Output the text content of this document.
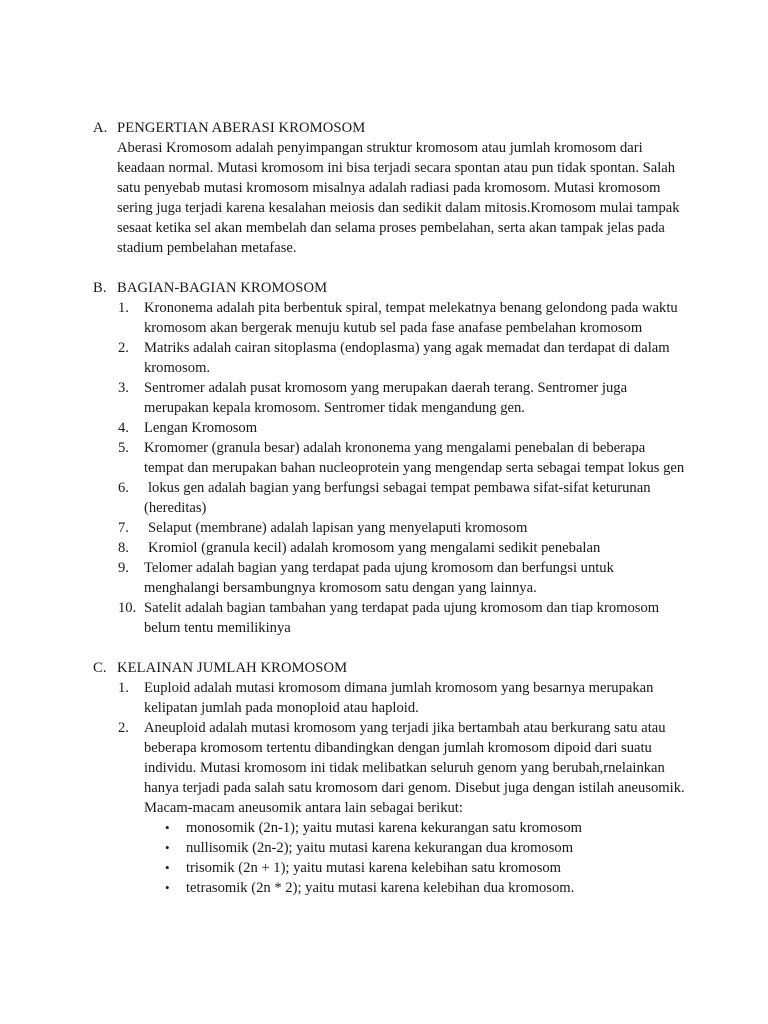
A. PENGERTIAN ABERASI KROMOSOM

Aberasi Kromosom adalah penyimpangan struktur kromosom atau jumlah kromosom dari keadaan normal. Mutasi kromosom ini bisa terjadi secara spontan atau pun tidak spontan. Salah satu penyebab mutasi kromosom misalnya adalah radiasi pada kromosom. Mutasi kromosom sering juga terjadi karena kesalahan meiosis dan sedikit dalam mitosis.Kromosom mulai tampak sesaat ketika sel akan membelah dan selama proses pembelahan, serta akan tampak jelas pada stadium pembelahan metafase.

B. BAGIAN-BAGIAN KROMOSOM
1.	Krononema adalah pita berbentuk spiral, tempat melekatnya benang gelondong pada waktu kromosom akan bergerak menuju kutub sel pada fase anafase pembelahan kromosom
2.	Matriks adalah cairan sitoplasma (endoplasma) yang agak memadat dan terdapat di dalam kromosom.
3.	Sentromer adalah pusat kromosom yang merupakan daerah terang. Sentromer juga merupakan kepala kromosom. Sentromer tidak mengandung gen.
4.	Lengan Kromosom
5.	Kromomer (granula besar) adalah krononema yang mengalami penebalan di beberapa tempat dan merupakan bahan nucleoprotein yang mengendap serta sebagai tempat lokus gen
6.	lokus gen adalah bagian yang berfungsi sebagai tempat pembawa sifat-sifat keturunan (hereditas)
7.	Selaput (membrane) adalah lapisan yang menyelaputi kromosom
8.	Kromiol (granula kecil) adalah kromosom yang mengalami sedikit penebalan
9.	Telomer adalah bagian yang terdapat pada ujung kromosom dan berfungsi untuk menghalangi bersambungnya kromosom satu dengan yang lainnya.
10. Satelit adalah bagian tambahan yang terdapat pada ujung kromosom dan tiap kromosom belum tentu memilikinya
C. KELAINAN JUMLAH KROMOSOM
1.	Euploid adalah mutasi kromosom dimana jumlah kromosom yang besarnya merupakan kelipatan jumlah pada monoploid atau haploid.
2.	Aneuploid adalah mutasi kromosom yang terjadi jika bertambah atau berkurang satu atau beberapa kromosom tertentu dibandingkan dengan jumlah kromosom dipoid dari suatu individu. Mutasi kromosom ini tidak melibatkan seluruh genom yang berubah,rnelainkan hanya terjadi pada salah satu kromosom dari genom. Disebut juga dengan istilah aneusomik.
Macam-macam aneusomik antara lain sebagai berikut:
•	monosomik (2n-1); yaitu mutasi karena kekurangan satu kromosom
•	nullisomik (2n-2); yaitu mutasi karena kekurangan dua kromosom
•	trisomik (2n + 1); yaitu mutasi karena kelebihan satu kromosom
•	tetrasomik (2n * 2); yaitu mutasi karena kelebihan dua kromosom.
